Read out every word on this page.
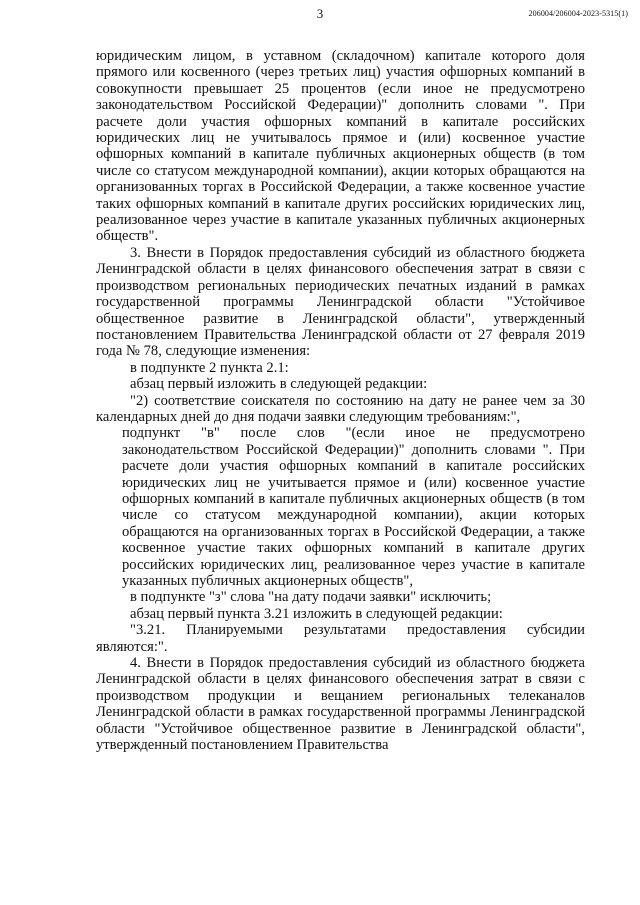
3	206004/206004-2023-5315(1)

юридическим лицом, в уставном (складочном) капитале которого доля прямого или косвенного (через третьих лиц) участия офшорных компаний в совокупности превышает 25 процентов (если иное не предусмотрено законодательством Российской Федерации)" дополнить словами ". При расчете доли участия офшорных компаний в капитале российских юридических лиц не учитывалось прямое и (или) косвенное участие офшорных компаний в капитале публичных акционерных обществ (в том числе со статусом международной компании), акции которых обращаются на организованных торгах в Российской Федерации, а также косвенное участие таких офшорных компаний в капитале других российских юридических лиц, реализованное через участие в капитале указанных публичных акционерных обществ".

3. Внести в Порядок предоставления субсидий из областного бюджета Ленинградской области в целях финансового обеспечения затрат в связи с производством региональных периодических печатных изданий в рамках государственной программы Ленинградской области "Устойчивое общественное развитие в Ленинградской области", утвержденный постановлением Правительства Ленинградской области от 27 февраля 2019 года № 78, следующие изменения:

в подпункте 2 пункта 2.1:

абзац первый изложить в следующей редакции:

"2) соответствие соискателя по состоянию на дату не ранее чем за 30 календарных дней до дня подачи заявки следующим требованиям:",

подпункт "в" после слов "(если иное не предусмотрено законодательством Российской Федерации)" дополнить словами ". При расчете доли участия офшорных компаний в капитале российских юридических лиц не учитывается прямое и (или) косвенное участие офшорных компаний в капитале публичных акционерных обществ (в том числе со статусом международной компании), акции которых обращаются на организованных торгах в Российской Федерации, а также косвенное участие таких офшорных компаний в капитале других российских юридических лиц, реализованное через участие в капитале указанных публичных акционерных обществ",

в подпункте "з" слова "на дату подачи заявки" исключить;

абзац первый пункта 3.21 изложить в следующей редакции:

"3.21. Планируемыми результатами предоставления субсидии являются:".

4. Внести в Порядок предоставления субсидий из областного бюджета Ленинградской области в целях финансового обеспечения затрат в связи с производством продукции и вещанием региональных телеканалов Ленинградской области в рамках государственной программы Ленинградской области "Устойчивое общественное развитие в Ленинградской области", утвержденный постановлением Правительства
